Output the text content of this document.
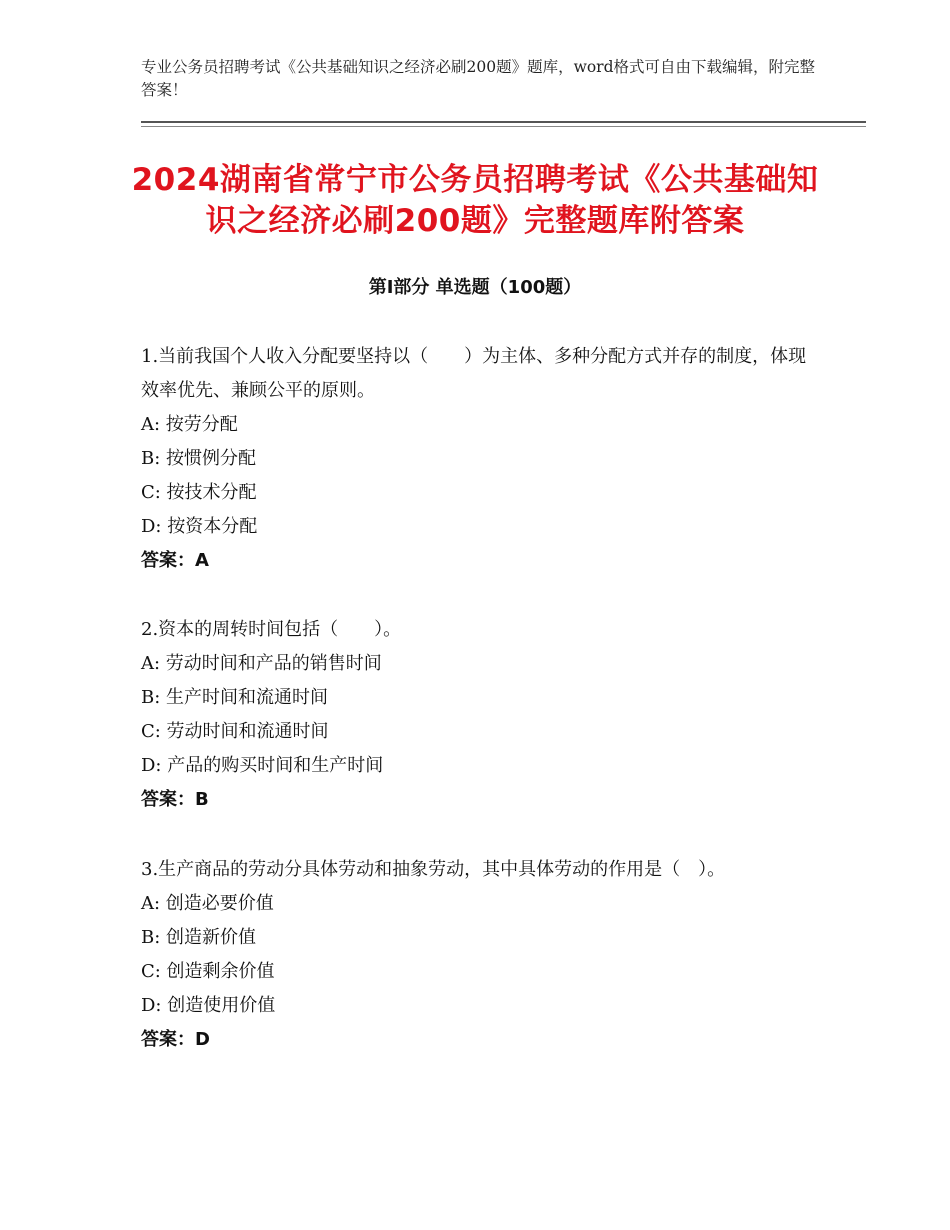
专业公务员招聘考试《公共基础知识之经济必刷200题》题库，word格式可自由下载编辑，附完整答案！
2024湖南省常宁市公务员招聘考试《公共基础知识之经济必刷200题》完整题库附答案
第Ⅰ部分 单选题（100题）
1.当前我国个人收入分配要坚持以（　　）为主体、多种分配方式并存的制度，体现效率优先、兼顾公平的原则。
A: 按劳分配
B: 按惯例分配
C: 按技术分配
D: 按资本分配
答案：A
2.资本的周转时间包括（　　）。
A: 劳动时间和产品的销售时间
B: 生产时间和流通时间
C: 劳动时间和流通时间
D: 产品的购买时间和生产时间
答案：B
3.生产商品的劳动分具体劳动和抽象劳动，其中具体劳动的作用是（　）。
A: 创造必要价值
B: 创造新价值
C: 创造剩余价值
D: 创造使用价值
答案：D
